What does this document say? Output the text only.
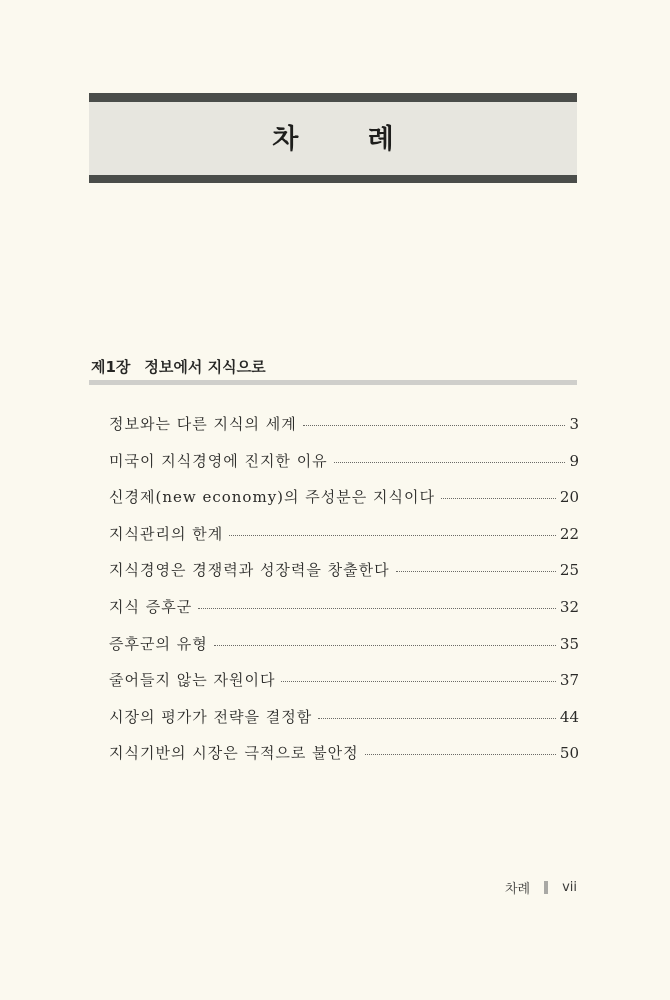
차 례
제1장 정보에서 지식으로
정보와는 다른 지식의 세계	3
미국이 지식경영에 진지한 이유	9
신경제(new economy)의 주성분은 지식이다	20
지식관리의 한계	22
지식경영은 경쟁력과 성장력을 창출한다	25
지식 증후군	32
증후군의 유형	35
줄어들지 않는 자원이다	37
시장의 평가가 전략을 결정함	44
지식기반의 시장은 극적으로 불안정	50
차례 vii
